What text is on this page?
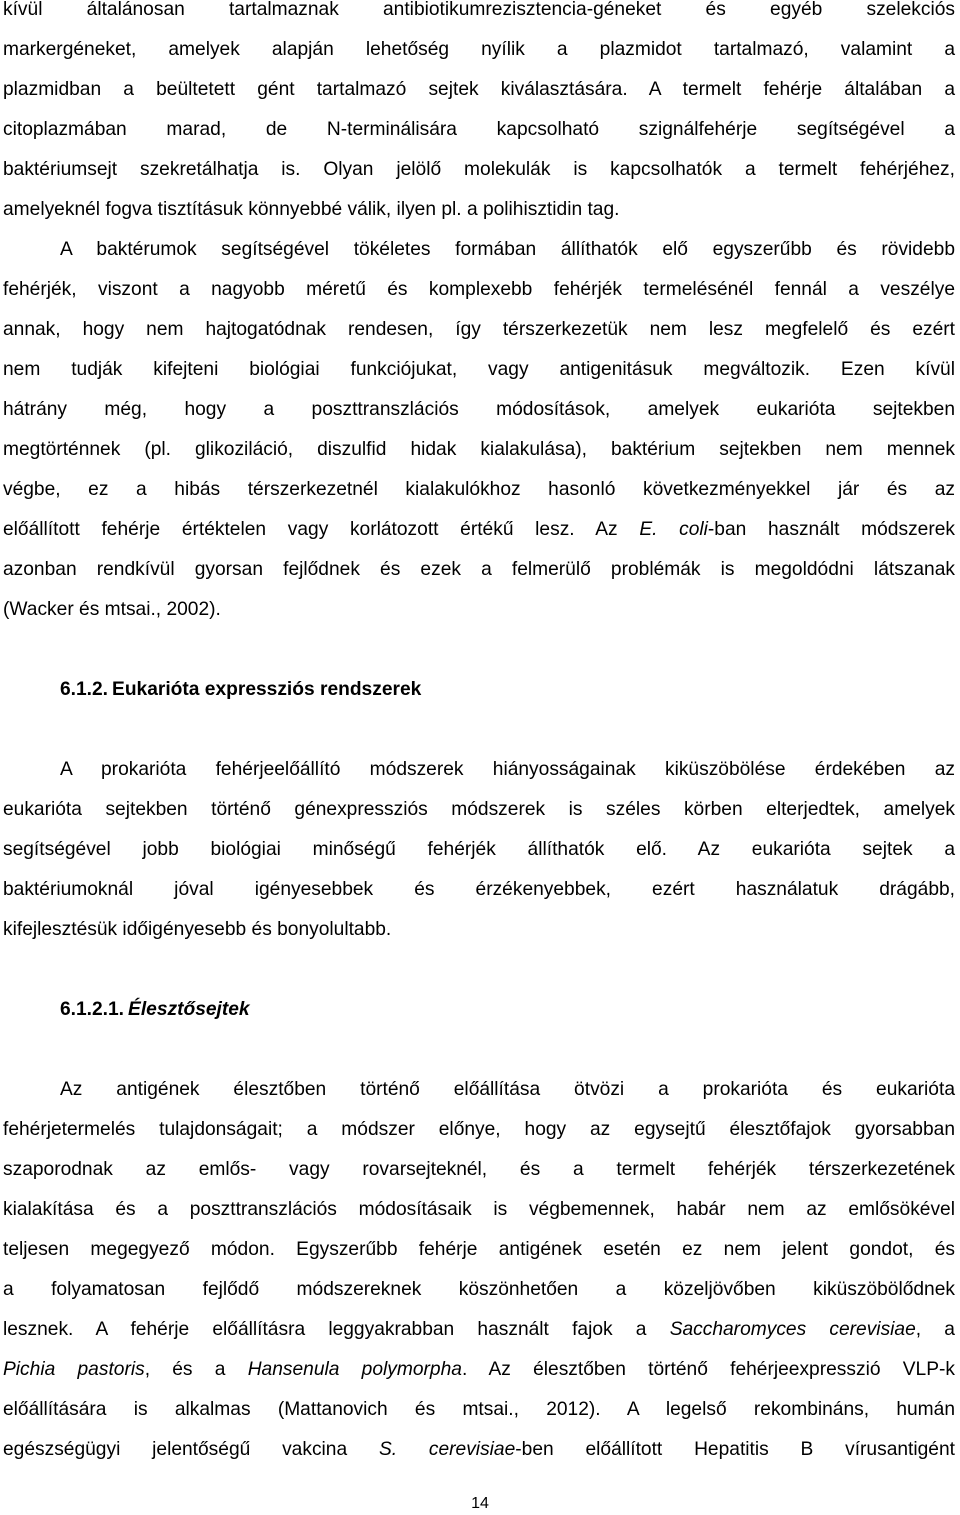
kívül általánosan tartalmaznak antibiotikumrezisztencia-géneket és egyéb szelekciós
markergéneket, amelyek alapján lehetőség nyílik a plazmidot tartalmazó, valamint a
plazmidban a beültetett gént tartalmazó sejtek kiválasztására. A termelt fehérje általában a
citoplazmában marad, de N-terminálisára kapcsolható szignálfehérje segítségével a
baktériumsejt szekretálhatja is. Olyan jelölő molekulák is kapcsolhatók a termelt fehérjéhez,
amelyeknél fogva tisztításuk könnyebbé válik, ilyen pl. a polihisztidin tag.
A baktérumok segítségével tökéletes formában állíthatók elő egyszerűbb és rövidebb
fehérjék, viszont a nagyobb méretű és komplexebb fehérjék termelésénél fennál a veszélye
annak, hogy nem hajtogatódnak rendesen, így térszerkezetük nem lesz megfelelő és ezért
nem tudják kifejteni biológiai funkciójukat, vagy antigenitásuk megváltozik. Ezen kívül
hátrány még, hogy a poszttranszlációs módosítások, amelyek eukarióta sejtekben
megtörténnek (pl. glikoziláció, diszulfid hidak kialakulása), baktérium sejtekben nem mennek
végbe, ez a hibás térszerkezetnél kialakulókhoz hasonló következményekkel jár és az
előállított fehérje értéktelen vagy korlátozott értékű lesz. Az E. coli-ban használt módszerek
azonban rendkívül gyorsan fejlődnek és ezek a felmerülő problémák is megoldódni látszanak
(Wacker és mtsai., 2002).
6.1.2. Eukarióta expressziós rendszerek
A prokarióta fehérjeelőállító módszerek hiányosságainak kiküszöbölése érdekében az
eukarióta sejtekben történő génexpressziós módszerek is széles körben elterjedtek, amelyek
segítségével jobb biológiai minőségű fehérjék állíthatók elő. Az eukarióta sejtek a
baktériumoknál jóval igényesebbek és érzékenyebbek, ezért használatuk drágább,
kifejlesztésük időigényesebb és bonyolultabb.
6.1.2.1. Élesztősejtek
Az antigének élesztőben történő előállítása ötvözi a prokarióta és eukarióta
fehérjetermelés tulajdonságait; a módszer előnye, hogy az egysejtű élesztőfajok gyorsabban
szaporodnak az emlős- vagy rovarsejteknél, és a termelt fehérjék térszerkezetének
kialakítása és a poszttranszlációs módosításaik is végbemennek, habár nem az emlősökével
teljesen megegyező módon. Egyszerűbb fehérje antigének esetén ez nem jelent gondot, és
a folyamatosan fejlődő módszereknek köszönhetően a közeljövőben kiküszöbölődnek
lesznek. A fehérje előállításra leggyakrabban használt fajok a Saccharomyces cerevisiae, a
Pichia pastoris, és a Hansenula polymorpha. Az élesztőben történő fehérjeexpresszió VLP-k
előállítására is alkalmas (Mattanovich és mtsai., 2012). A legelső rekombináns, humán
egészségügyi jelentőségű vakcina S. cerevisiae-ben előállított Hepatitis B vírusantigént
14
